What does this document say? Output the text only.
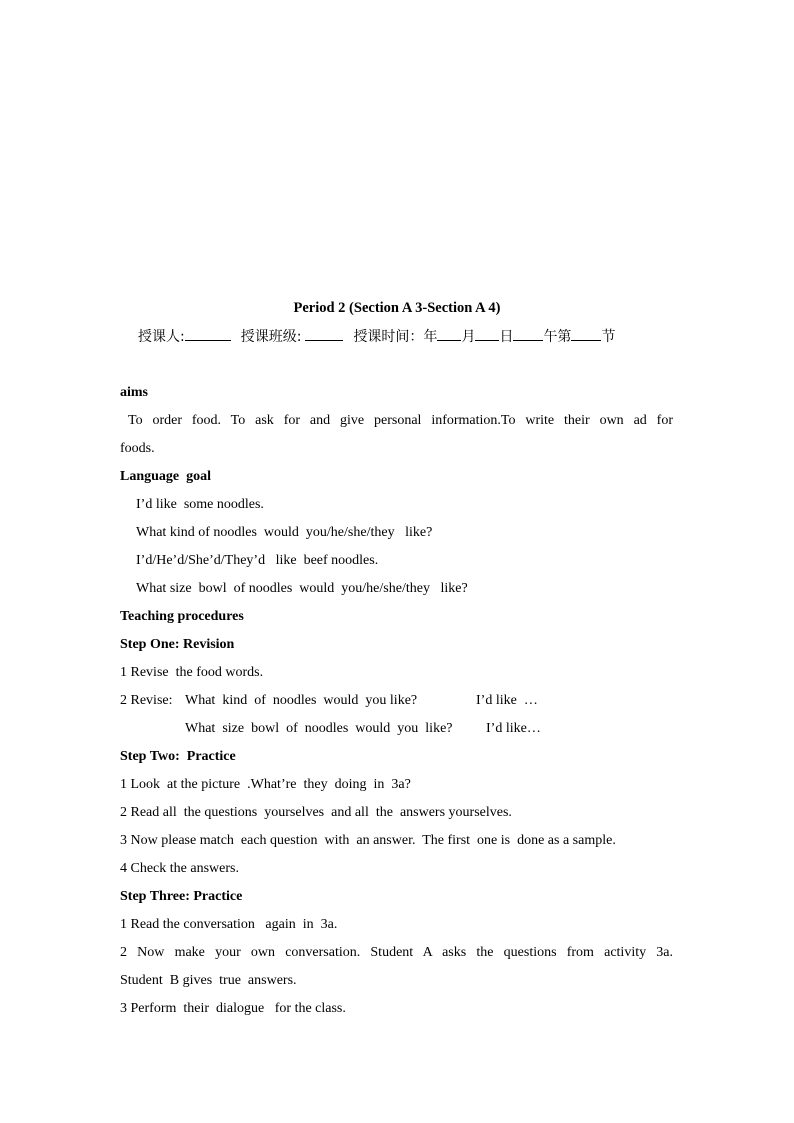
Period 2 (Section A 3-Section A 4)
授课人:	授课班级:	授课时间：年 月 日 午第 节
aims
To order food. To ask for and give personal information.To write their own ad for
foods.
Language  goal
I’d like  some noodles.
What kind of noodles  would  you/he/she/they   like?
I’d/He’d/She’d/They’d   like  beef noodles.
What size  bowl  of noodles  would  you/he/she/they   like?
Teaching procedures
Step One: Revision
1 Revise  the food words.
2 Revise: What  kind  of  noodles  would  you like?	I’d like  …
What  size  bowl  of  noodles  would  you  like? I’d like…
Step Two:  Practice
1 Look  at the picture  .What’re  they  doing  in  3a?
2 Read all  the questions  yourselves  and all  the  answers yourselves.
3 Now please match  each question  with  an answer.  The first  one is  done as a sample.
4 Check the answers.
Step Three: Practice
1 Read the conversation   again  in  3a.
2 Now make your own conversation. Student A asks the questions from activity 3a.
Student  B gives  true  answers.
3 Perform  their  dialogue   for the class.
